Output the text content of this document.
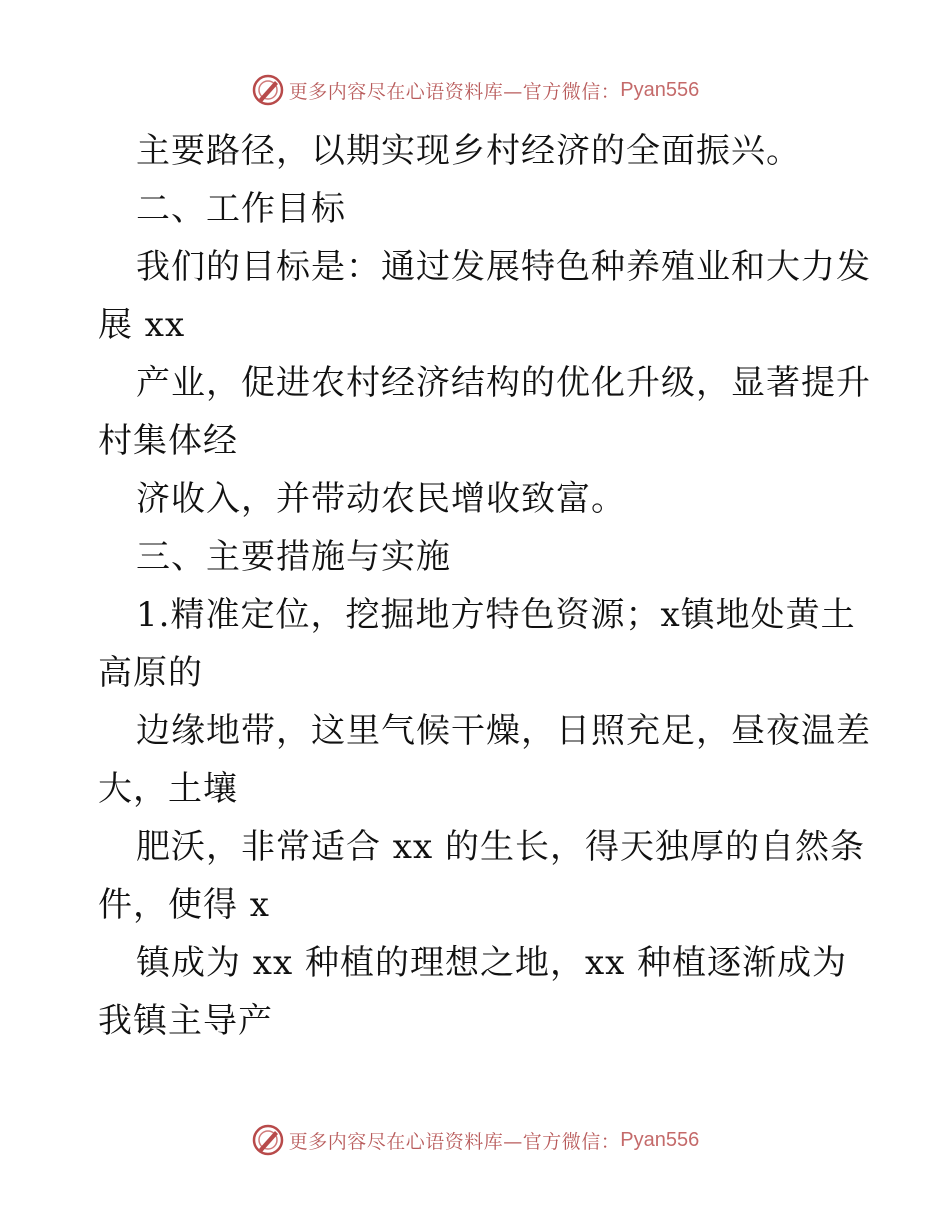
更多内容尽在心语资料库—官方微信： Pyan556
主要路径，以期实现乡村经济的全面振兴。
二、工作目标
我们的目标是：通过发展特色种养殖业和大力发
展 xx
产业，促进农村经济结构的优化升级，显著提升
村集体经
济收入，并带动农民增收致富。
三、主要措施与实施
1.精准定位，挖掘地方特色资源；x镇地处黄土
高原的
边缘地带，这里气候干燥，日照充足，昼夜温差
大，土壤
肥沃，非常适合 xx 的生长，得天独厚的自然条
件，使得 x
镇成为 xx 种植的理想之地，xx 种植逐渐成为
我镇主导产
更多内容尽在心语资料库—官方微信： Pyan556
